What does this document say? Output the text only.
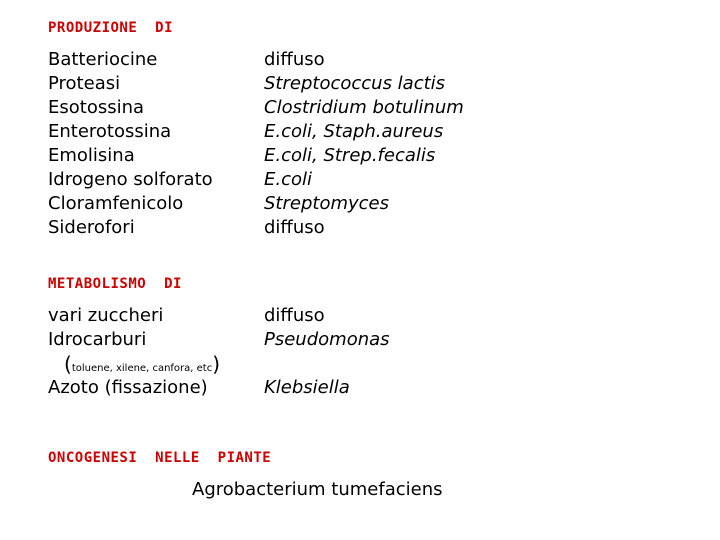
PRODUZIONE  DI
Batteriocine
Proteasi
Esotossina
Enterotossina
Emolisina
Idrogeno solforato
Cloramfenicolo
Siderofori
diffuso
Streptococcus lactis
Clostridium botulinum
E.coli, Staph.aureus
E.coli, Strep.fecalis
E.coli
Streptomyces
diffuso
METABOLISMO  DI
vari zuccheri
Idrocarburi
(toluene, xilene, canfora, etc)
Azoto (fissazione)
diffuso
Pseudomonas
Klebsiella
ONCOGENESI  NELLE  PIANTE
Agrobacterium tumefaciens
